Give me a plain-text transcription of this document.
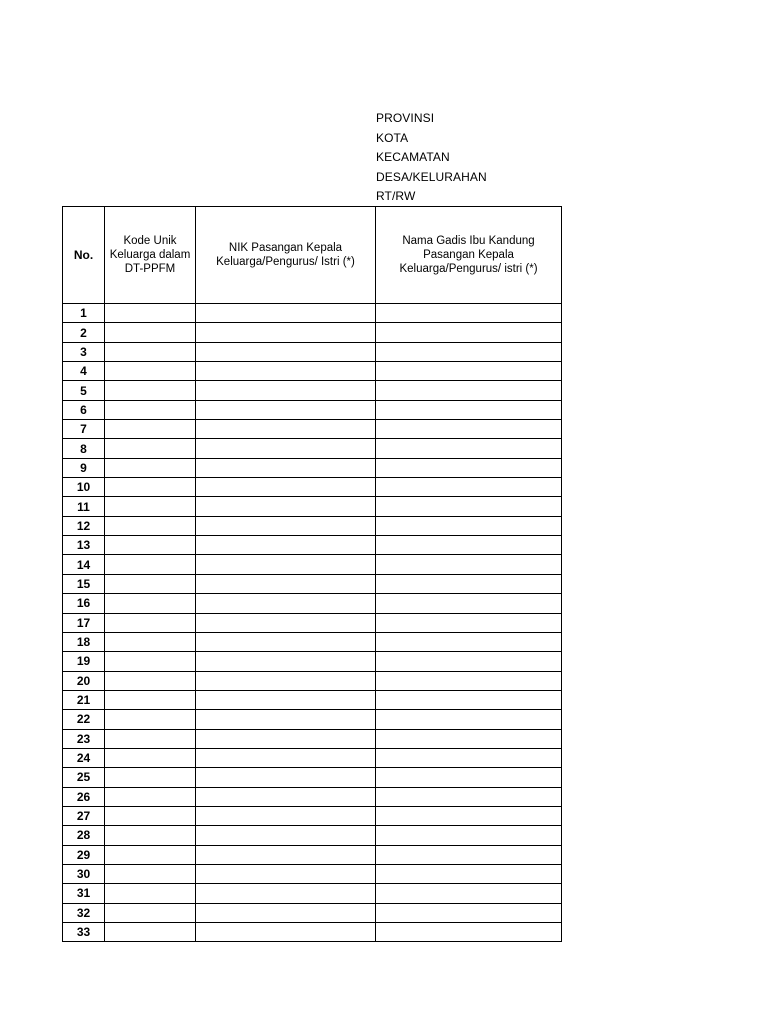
PROVINSI
KOTA
KECAMATAN
DESA/KELURAHAN
RT/RW
No.	Kode Unik Keluarga dalam DT-PPFM	NIK Pasangan Kepala Keluarga/Pengurus/ Istri (*)	Nama Gadis Ibu Kandung Pasangan Kepala Keluarga/Pengurus/ istri (*)
1			
2			
3			
4			
5			
6			
7			
8			
9			
10			
11			
12			
13			
14			
15			
16			
17			
18			
19			
20			
21			
22			
23			
24			
25			
26			
27			
28			
29			
30			
31			
32			
33			
